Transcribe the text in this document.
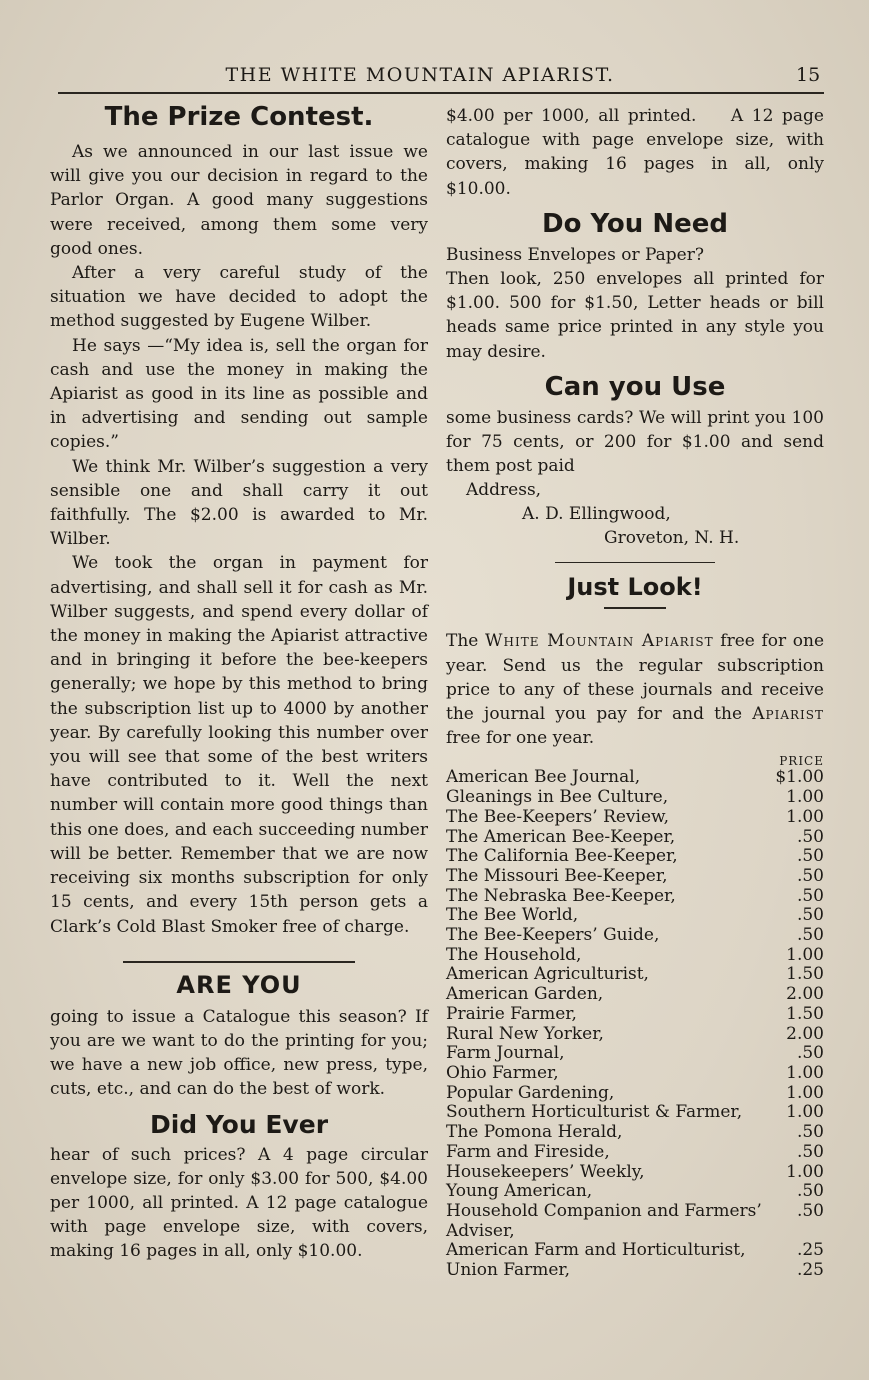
THE WHITE MOUNTAIN APIARIST.	15
The Prize Contest.

As we announced in our last issue we will give you our decision in regard to the Parlor Organ. A good many suggestions were received, among them some very good ones.

After a very careful study of the situation we have decided to adopt the method suggested by Eugene Wilber.

He says —“My idea is, sell the organ for cash and use the money in making the Apiarist as good in its line as possible and in advertising and sending out sample copies.”

We think Mr. Wilber’s suggestion a very sensible one and shall carry it out faithfully. The $2.00 is awarded to Mr. Wilber.

We took the organ in payment for advertising, and shall sell it for cash as Mr. Wilber suggests, and spend every dollar of the money in making the Apiarist attractive and in bringing it before the bee-keepers generally; we hope by this method to bring the subscription list up to 4000 by another year. By carefully looking this number over you will see that some of the best writers have contributed to it. Well the next number will contain more good things than this one does, and each succeeding number will be better. Remember that we are now receiving six months subscription for only 15 cents, and every 15th person gets a Clark’s Cold Blast Smoker free of charge.

ARE YOU

going to issue a Catalogue this season? If you are we want to do the printing for you; we have a new job office, new press, type, cuts, etc., and can do the best of work.

Did You Ever

hear of such prices? A 4 page circular envelope size, for only $3.00 for 500, $4.00 per 1000, all printed. A 12 page catalogue with page envelope size, with covers, making 16 pages in all, only $10.00.

$4.00 per 1000, all printed.    A 12 page catalogue with page envelope size, with covers, making 16 pages in all, only $10.00.

Do You Need

Business Envelopes or Paper?

Then look, 250 envelopes all printed for $1.00. 500 for $1.50, Letter heads or bill heads same price printed in any style you may desire.

Can you Use

some business cards? We will print you 100 for 75 cents, or 200 for $1.00 and send them post paid

Address,
A. D. Ellingwood,
Groveton, N. H.
Just Look!

The White Mountain Apiarist free for one year. Send us the regular subscription price to any of these journals and receive the journal you pay for and the Apiarist free for one year.

PRICE
American Bee Journal,	$1.00
Gleanings in Bee Culture,	1.00
The Bee-Keepers’ Review,	1.00
The American Bee-Keeper,	.50
The California Bee-Keeper,	.50
The Missouri Bee-Keeper,	.50
The Nebraska Bee-Keeper,	.50
The Bee World,	.50
The Bee-Keepers’ Guide,	.50
The Household,	1.00
American Agriculturist,	1.50
American Garden,	2.00
Prairie Farmer,	1.50
Rural New Yorker,	2.00
Farm Journal,	.50
Ohio Farmer,	1.00
Popular Gardening,	1.00
Southern Horticulturist & Farmer,	1.00
The Pomona Herald,	.50
Farm and Fireside,	.50
Housekeepers’ Weekly,	1.00
Young American,	.50
Household Companion and Farmers’ Adviser,
.50
American Farm and Horticulturist,	.25
Union Farmer,	.25
